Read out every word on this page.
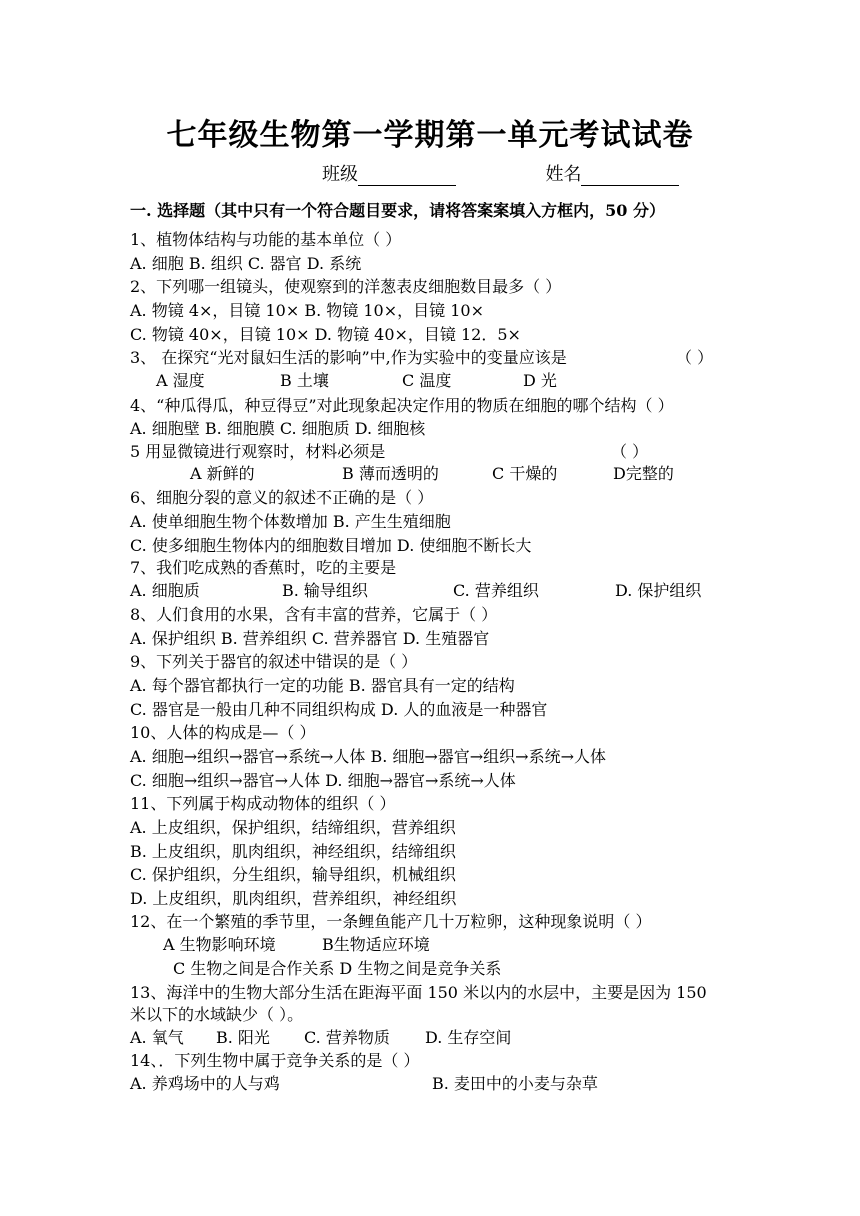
七年级生物第一学期第一单元考试试卷
班级	姓名
一. 选择题（其中只有一个符合题目要求，请将答案案填入方框内，50 分）
1、植物体结构与功能的基本单位（ ）
A. 细胞 B. 组织 C. 器官 D. 系统
2、下列哪一组镜头，使观察到的洋葱表皮细胞数目最多（ ）
A. 物镜 4×，目镜 10× B. 物镜 10×，目镜 10×
C. 物镜 40×，目镜 10× D. 物镜 40×，目镜 12．5×
3、 在探究“光对鼠妇生活的影响”中,作为实验中的变量应该是	（ ）
A 湿度	B 土壤	C 温度	D 光
4、“种瓜得瓜，种豆得豆”对此现象起决定作用的物质在细胞的哪个结构（ ）
A. 细胞壁 B. 细胞膜 C. 细胞质 D. 细胞核
5 用显微镜进行观察时，材料必须是	（ ）
A 新鲜的	B 薄而透明的	C 干燥的	D完整的
6、细胞分裂的意义的叙述不正确的是（ ）
A. 使单细胞生物个体数增加 B. 产生生殖细胞
C. 使多细胞生物体内的细胞数目增加 D. 使细胞不断长大
7、我们吃成熟的香蕉时，吃的主要是
A. 细胞质	B. 输导组织	C. 营养组织	D. 保护组织
8、人们食用的水果，含有丰富的营养，它属于（ ）
A. 保护组织 B. 营养组织 C. 营养器官 D. 生殖器官
9、下列关于器官的叙述中错误的是（ ）
A. 每个器官都执行一定的功能 B. 器官具有一定的结构
C. 器官是一般由几种不同组织构成 D. 人的血液是一种器官
10、人体的构成是—（ ）
A. 细胞→组织→器官→系统→人体 B. 细胞→器官→组织→系统→人体
C. 细胞→组织→器官→人体 D. 细胞→器官→系统→人体
11、下列属于构成动物体的组织（ ）
A. 上皮组织，保护组织，结缔组织，营养组织
B. 上皮组织，肌肉组织，神经组织，结缔组织
C. 保护组织，分生组织，输导组织，机械组织
D. 上皮组织，肌肉组织，营养组织，神经组织
12、在一个繁殖的季节里，一条鲤鱼能产几十万粒卵，这种现象说明（ ）
A 生物影响环境	B生物适应环境
C 生物之间是合作关系 D 生物之间是竞争关系
13、海洋中的生物大部分生活在距海平面 150 米以内的水层中，主要是因为 150
米以下的水域缺少（ ）。
A. 氧气 B. 阳光 C. 营养物质 D. 生存空间
14、．下列生物中属于竞争关系的是（ ）
A. 养鸡场中的人与鸡	B. 麦田中的小麦与杂草
